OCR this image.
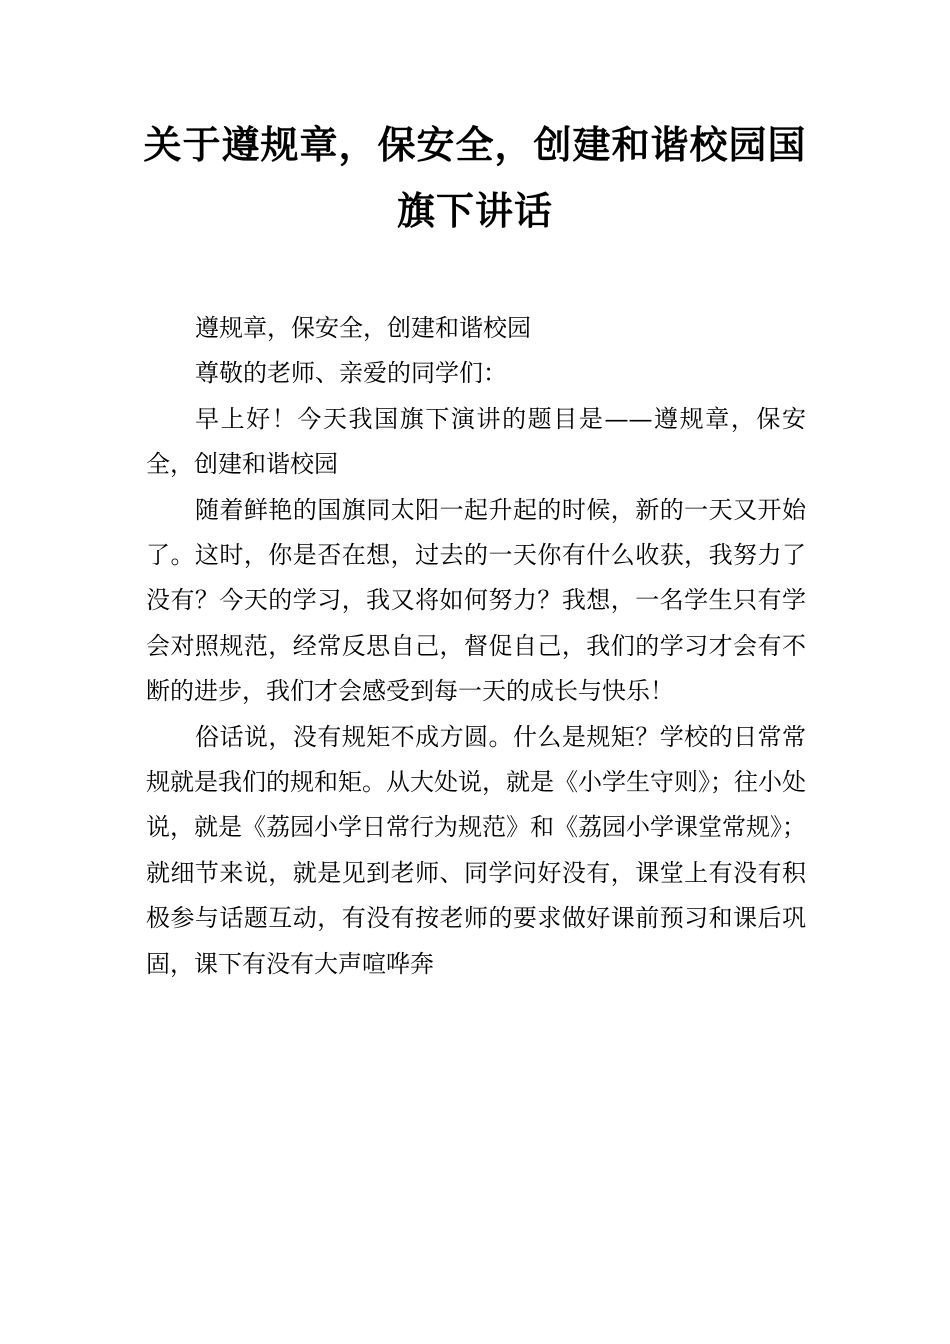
关于遵规章，保安全，创建和谐校园国
旗下讲话

遵规章，保安全，创建和谐校园

尊敬的老师、亲爱的同学们：

早上好！今天我国旗下演讲的题目是——遵规章，保安全，创建和谐校园

随着鲜艳的国旗同太阳一起升起的时候，新的一天又开始了。这时，你是否在想，过去的一天你有什么收获，我努力了没有？今天的学习，我又将如何努力？我想，一名学生只有学会对照规范，经常反思自己，督促自己，我们的学习才会有不断的进步，我们才会感受到每一天的成长与快乐！

俗话说，没有规矩不成方圆。什么是规矩？学校的日常常规就是我们的规和矩。从大处说，就是《小学生守则》；往小处说，就是《荔园小学日常行为规范》和《荔园小学课堂常规》；就细节来说，就是见到老师、同学问好没有，课堂上有没有积极参与话题互动，有没有按老师的要求做好课前预习和课后巩固，课下有没有大声喧哗奔
